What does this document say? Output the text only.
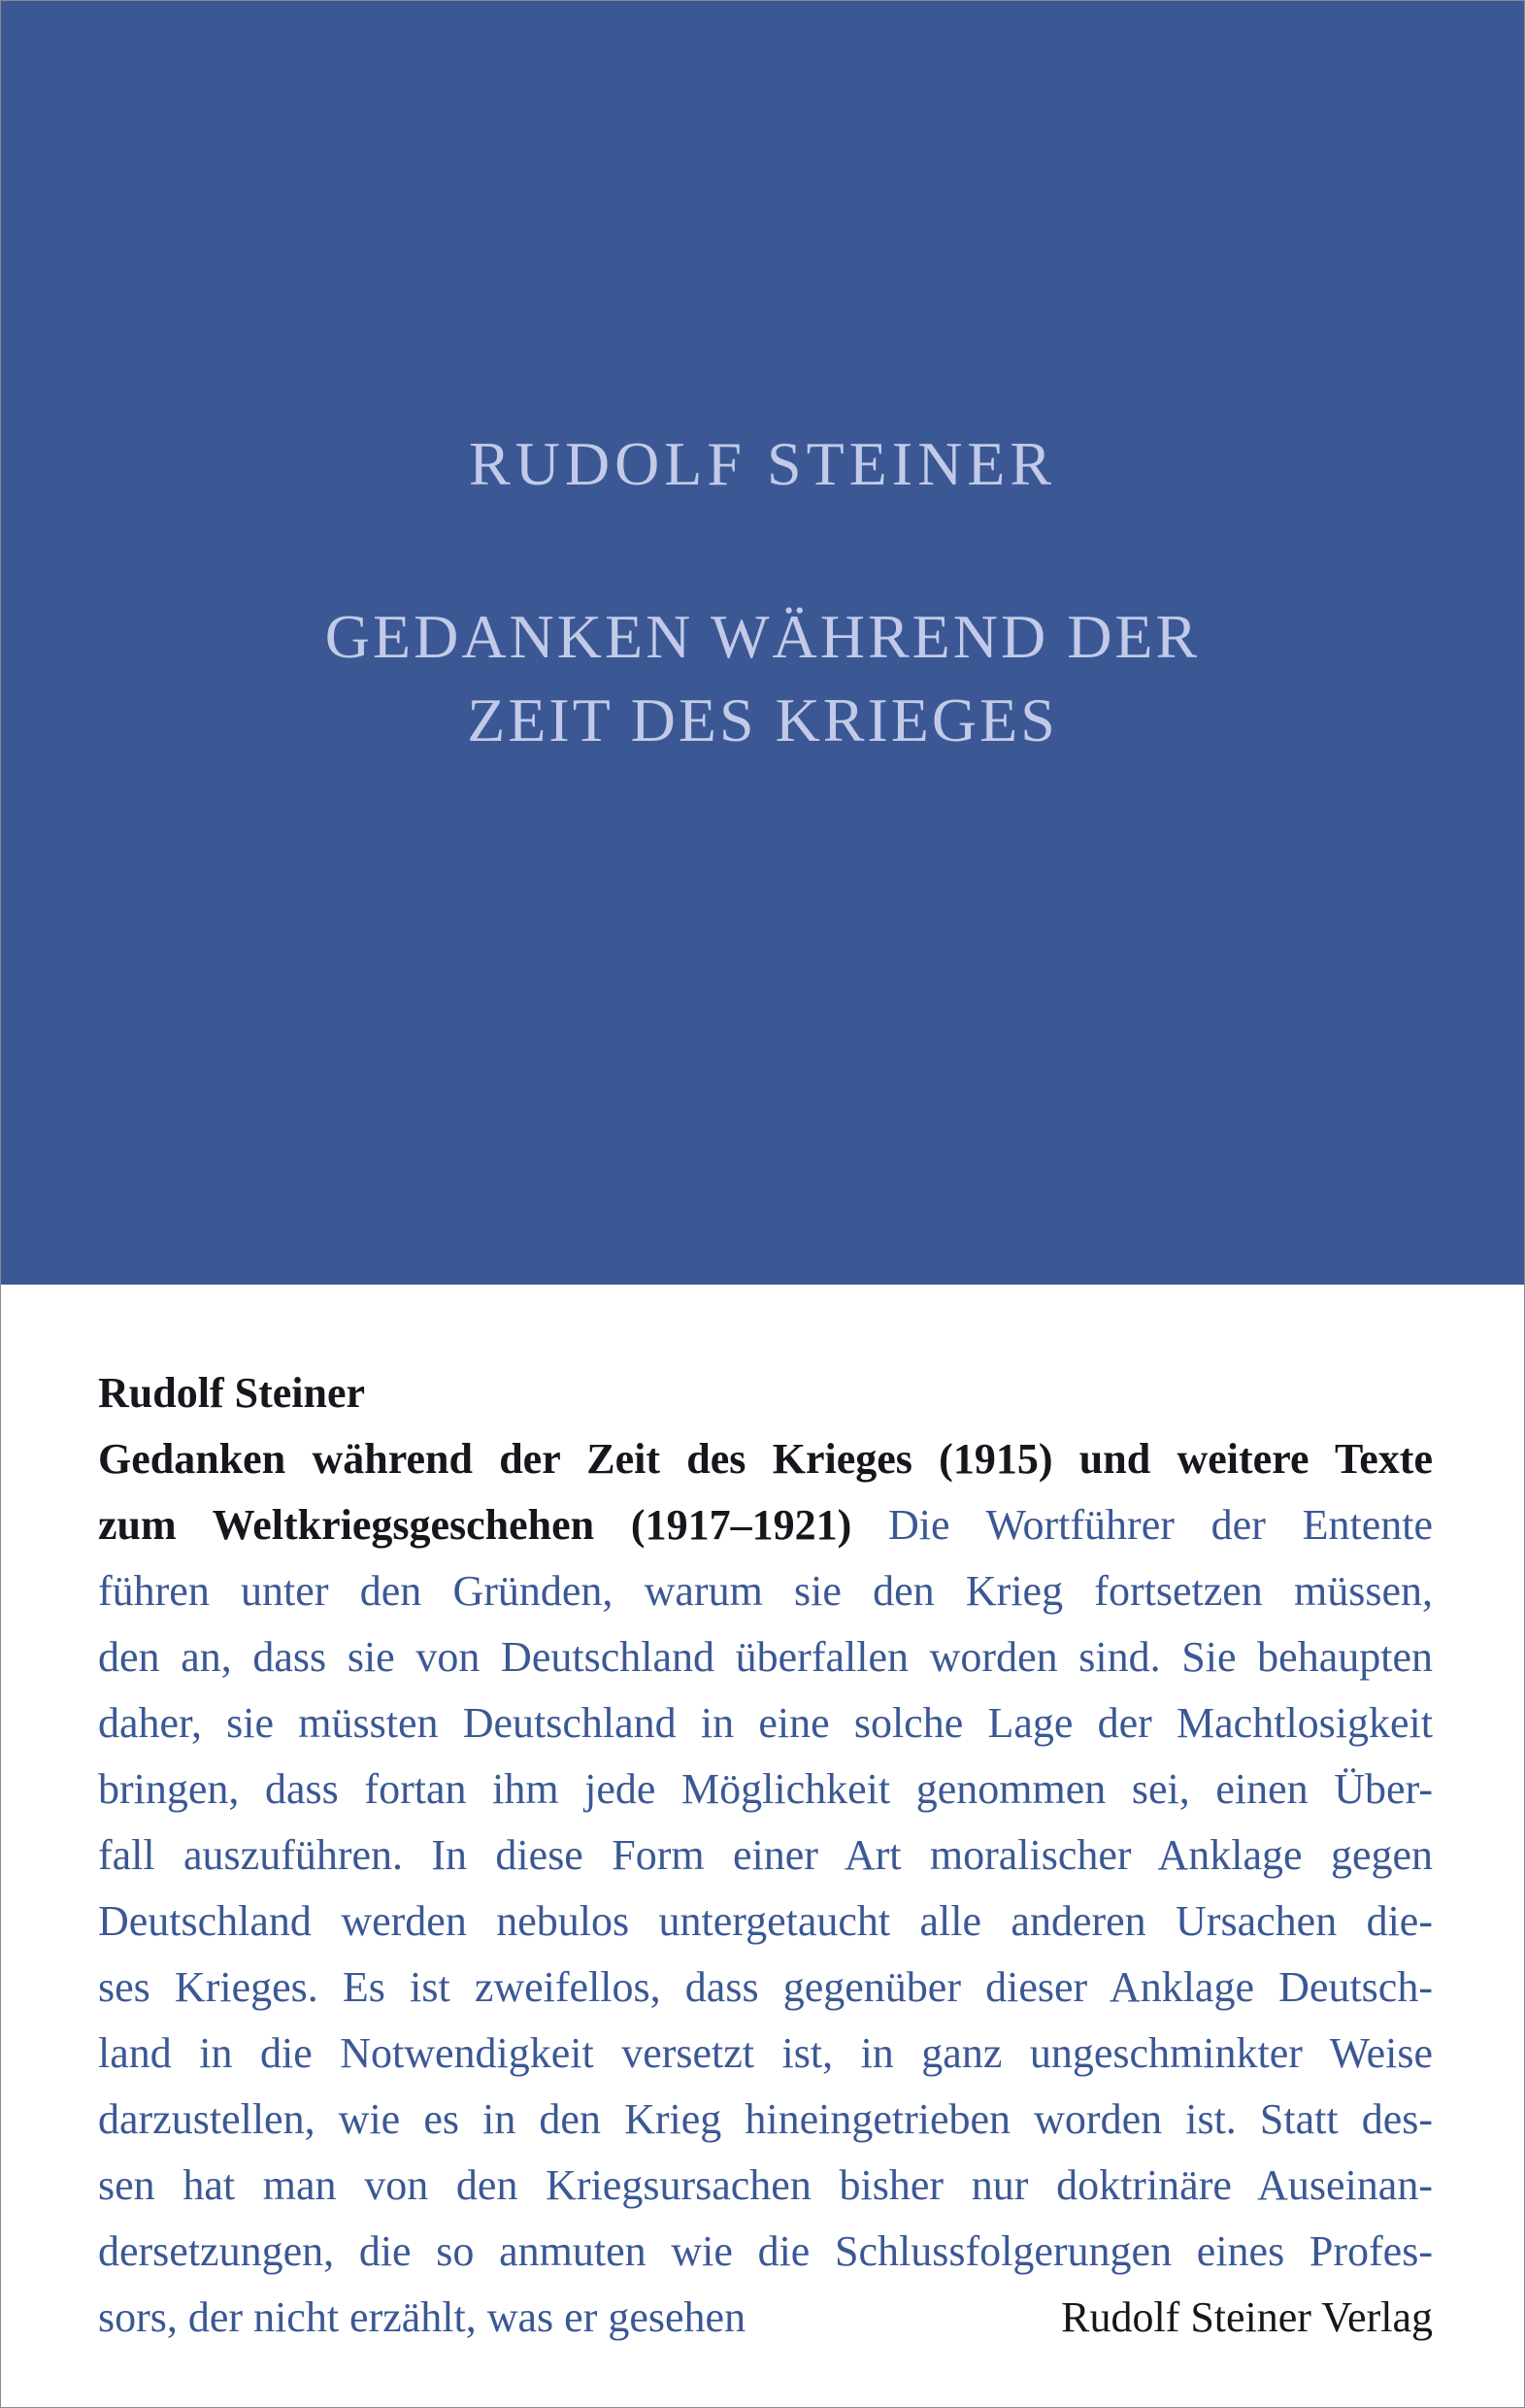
RUDOLF STEINER
GEDANKEN WÄHREND DER
ZEIT DES KRIEGES
Rudolf Steiner
Gedanken während der Zeit des Krieges (1915) und weitere Texte
zum Weltkriegsgeschehen (1917–1921) Die Wortführer der Entente
führen unter den Gründen, warum sie den Krieg fortsetzen müssen,
den an, dass sie von Deutschland überfallen worden sind. Sie behaupten
daher, sie müssten Deutschland in eine solche Lage der Machtlosigkeit
bringen, dass fortan ihm jede Möglichkeit genommen sei, einen Über-
fall auszuführen. In diese Form einer Art moralischer Anklage gegen
Deutschland werden nebulos untergetaucht alle anderen Ursachen die-
ses Krieges. Es ist zweifellos, dass gegenüber dieser Anklage Deutsch-
land in die Notwendigkeit versetzt ist, in ganz ungeschminkter Weise
darzustellen, wie es in den Krieg hineingetrieben worden ist. Statt des-
sen hat man von den Kriegsursachen bisher nur doktrinäre Auseinan-
dersetzungen, die so anmuten wie die Schlussfolgerungen eines Profes-
sors, der nicht erzählt, was er gesehen	Rudolf Steiner Verlag
